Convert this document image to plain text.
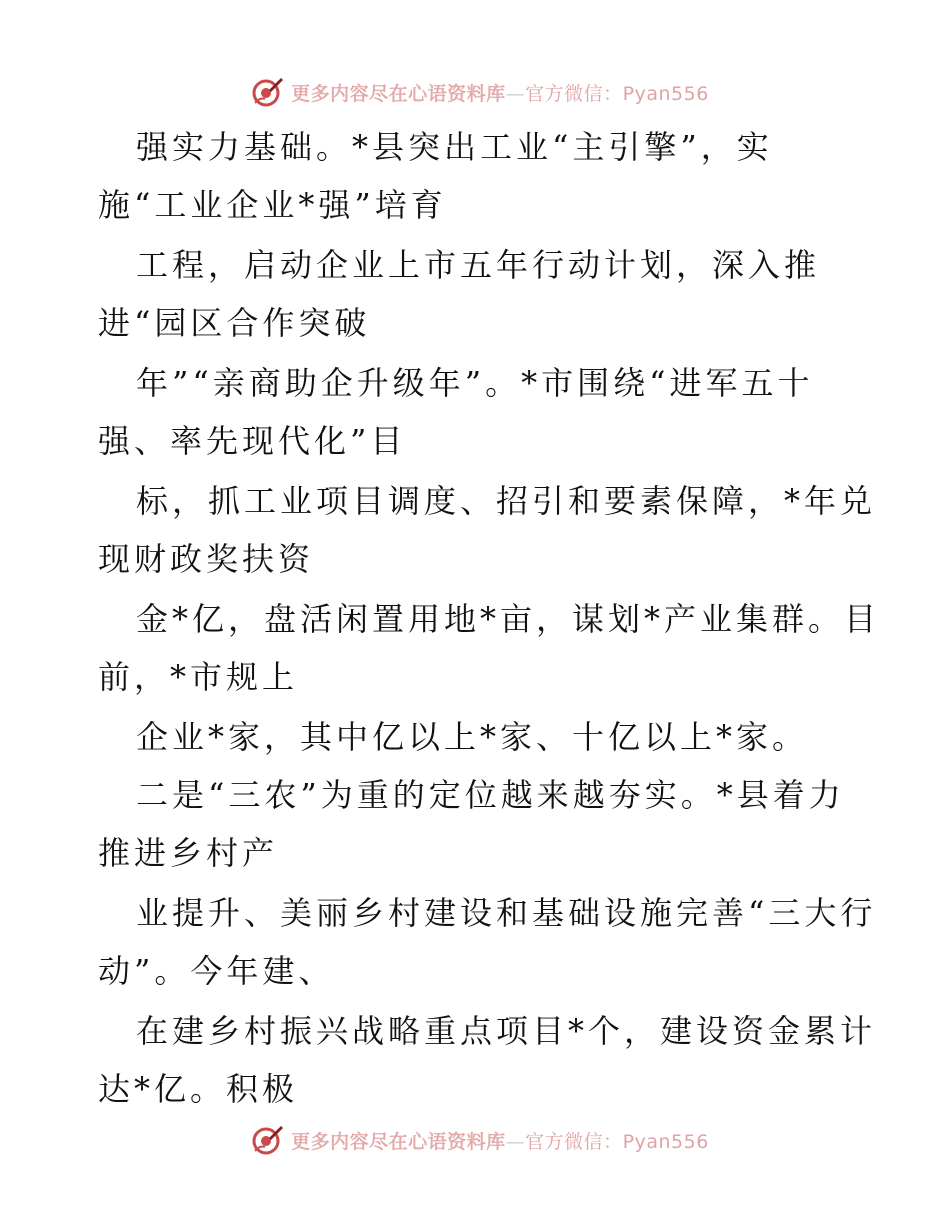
更多内容尽在心语资料库—官方微信：Pyan556
强实力基础。*县突出工业“主引擎”，实
施“工业企业*强”培育
工程，启动企业上市五年行动计划，深入推
进“园区合作突破
年”“亲商助企升级年”。*市围绕“进军五十
强、率先现代化”目
标，抓工业项目调度、招引和要素保障，*年兑
现财政奖扶资
金*亿，盘活闲置用地*亩，谋划*产业集群。目
前，*市规上
企业*家，其中亿以上*家、十亿以上*家。
二是“三农”为重的定位越来越夯实。*县着力
推进乡村产
业提升、美丽乡村建设和基础设施完善“三大行
动”。今年建、
在建乡村振兴战略重点项目*个，建设资金累计
达*亿。积极
更多内容尽在心语资料库—官方微信：Pyan556
